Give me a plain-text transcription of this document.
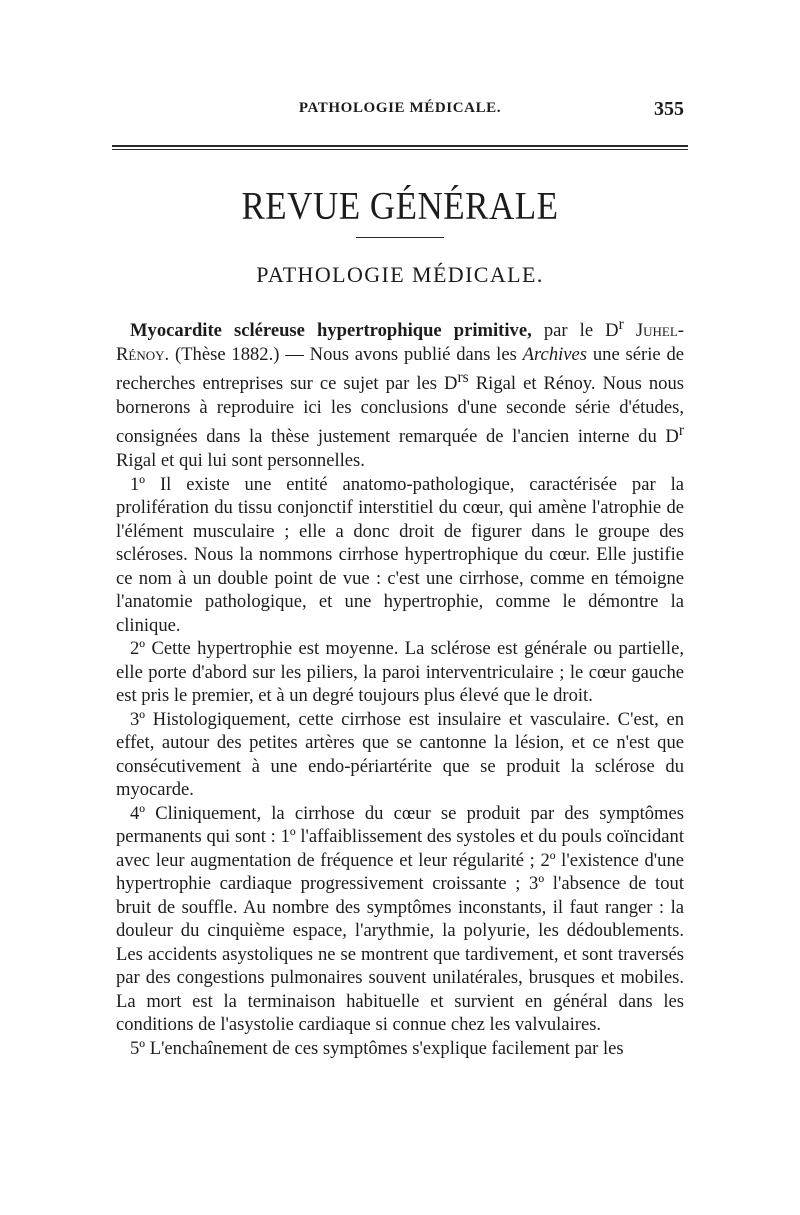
PATHOLOGIE MÉDICALE.	355
REVUE GÉNÉRALE
PATHOLOGIE MÉDICALE.

Myocardite scléreuse hypertrophique primitive, par le $D^r$ Juhel-Rénoy. (Thèse 1882.) — Nous avons publié dans les Archives une série de recherches entreprises sur ce sujet par les $D^{rs}$ Rigal et Rénoy. Nous nous bornerons à reproduire ici les conclusions d'une seconde série d'études, consignées dans la thèse justement remarquée de l'ancien interne du $D^r$ Rigal et qui lui sont personnelles.

1º Il existe une entité anatomo-pathologique, caractérisée par la prolifération du tissu conjonctif interstitiel du cœur, qui amène l'atrophie de l'élément musculaire ; elle a donc droit de figurer dans le groupe des scléroses. Nous la nommons cirrhose hypertrophique du cœur. Elle justifie ce nom à un double point de vue : c'est une cirrhose, comme en témoigne l'anatomie pathologique, et une hypertrophie, comme le démontre la clinique.

2º Cette hypertrophie est moyenne. La sclérose est générale ou partielle, elle porte d'abord sur les piliers, la paroi interventriculaire ; le cœur gauche est pris le premier, et à un degré toujours plus élevé que le droit.

3º Histologiquement, cette cirrhose est insulaire et vasculaire. C'est, en effet, autour des petites artères que se cantonne la lésion, et ce n'est que consécutivement à une endo-périartérite que se produit la sclérose du myocarde.

4º Cliniquement, la cirrhose du cœur se produit par des symptômes permanents qui sont : 1º l'affaiblissement des systoles et du pouls coïncidant avec leur augmentation de fréquence et leur régularité ; 2º l'existence d'une hypertrophie cardiaque progressivement croissante ; 3º l'absence de tout bruit de souffle. Au nombre des symptômes inconstants, il faut ranger : la douleur du cinquième espace, l'arythmie, la polyurie, les dédoublements. Les accidents asystoliques ne se montrent que tardivement, et sont traversés par des congestions pulmonaires souvent unilatérales, brusques et mobiles. La mort est la terminaison habituelle et survient en général dans les conditions de l'asystolie cardiaque si connue chez les valvulaires.

5º L'enchaînement de ces symptômes s'explique facilement par les
